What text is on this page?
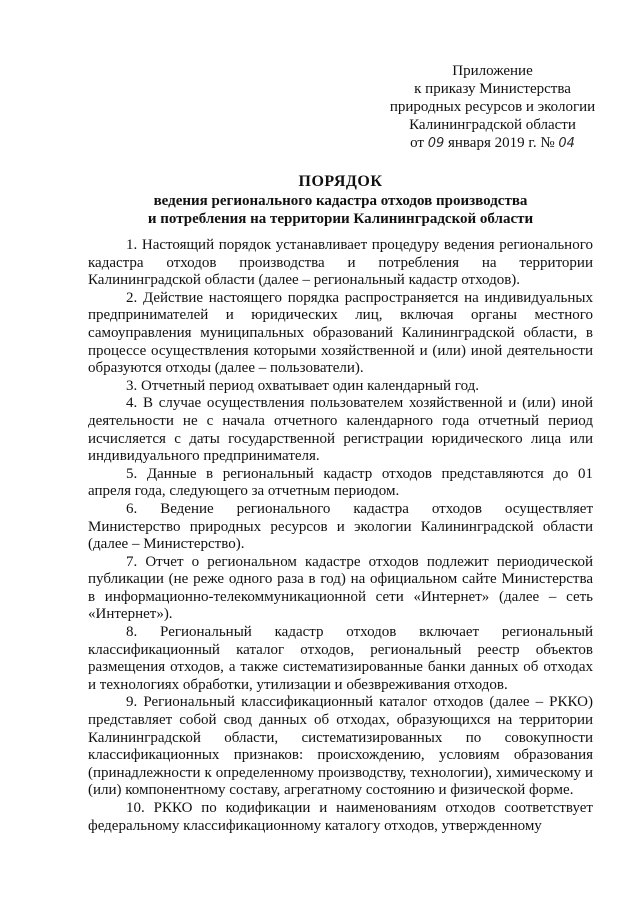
Приложение
к приказу Министерства
природных ресурсов и экологии
Калининградской области
от 09 января 2019 г. № 04
ПОРЯДОК
ведения регионального кадастра отходов производства
и потребления на территории Калининградской области

1. Настоящий порядок устанавливает процедуру ведения регионального кадастра отходов производства и потребления на территории Калининградской области (далее – региональный кадастр отходов).

2. Действие настоящего порядка распространяется на индивидуальных предпринимателей и юридических лиц, включая органы местного самоуправления муниципальных образований Калининградской области, в процессе осуществления которыми хозяйственной и (или) иной деятельности образуются отходы (далее – пользователи).

3. Отчетный период охватывает один календарный год.

4. В случае осуществления пользователем хозяйственной и (или) иной деятельности не с начала отчетного календарного года отчетный период исчисляется с даты государственной регистрации юридического лица или индивидуального предпринимателя.

5. Данные в региональный кадастр отходов представляются до 01 апреля года, следующего за отчетным периодом.

6. Ведение регионального кадастра отходов осуществляет Министерство природных ресурсов и экологии Калининградской области (далее – Министерство).

7. Отчет о региональном кадастре отходов подлежит периодической публикации (не реже одного раза в год) на официальном сайте Министерства в информационно-телекоммуникационной сети «Интернет» (далее – сеть «Интернет»).

8. Региональный кадастр отходов включает региональный классификационный каталог отходов, региональный реестр объектов размещения отходов, а также систематизированные банки данных об отходах и технологиях обработки, утилизации и обезвреживания отходов.

9. Региональный классификационный каталог отходов (далее – РККО) представляет собой свод данных об отходах, образующихся на территории Калининградской области, систематизированных по совокупности классификационных признаков: происхождению, условиям образования (принадлежности к определенному производству, технологии), химическому и (или) компонентному составу, агрегатному состоянию и физической форме.

10. РККО по кодификации и наименованиям отходов соответствует федеральному классификационному каталогу отходов, утвержденному
